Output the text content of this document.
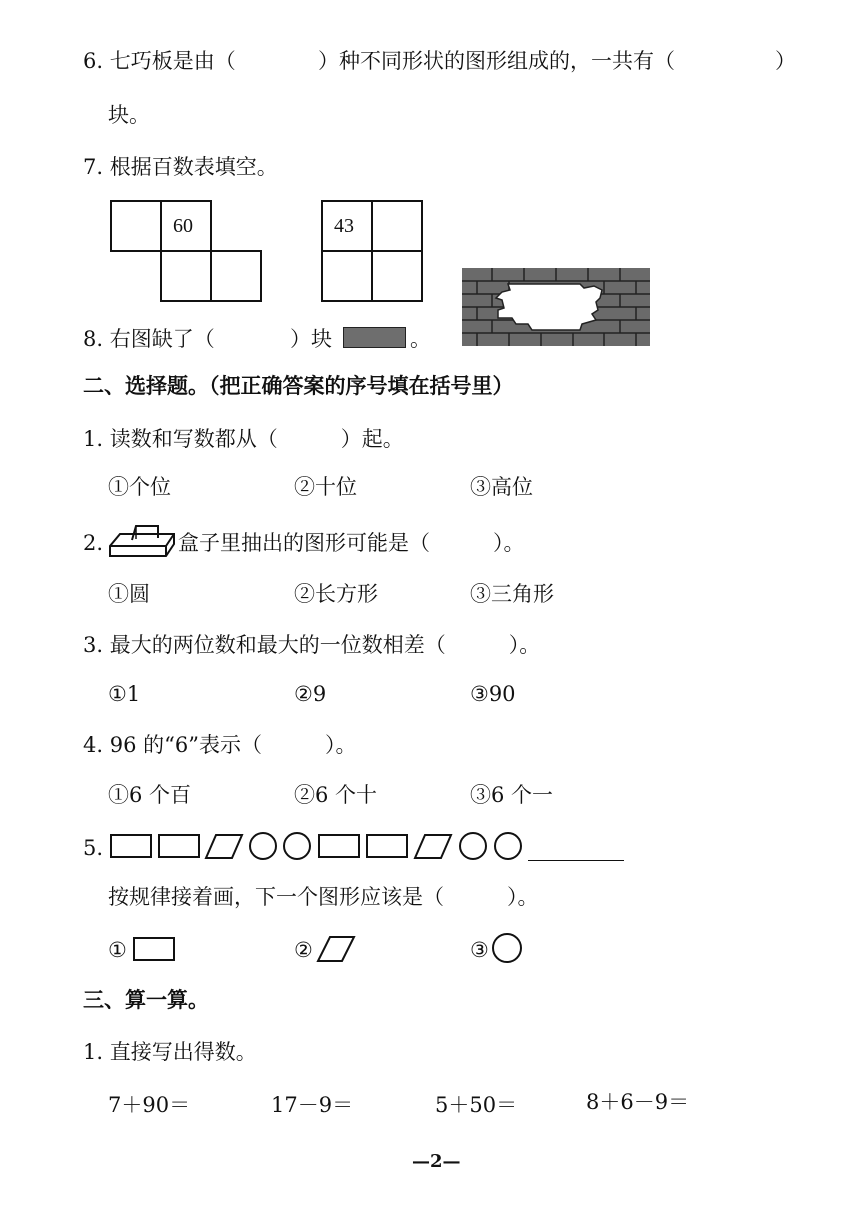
6. 七巧板是由（	）种不同形状的图形组成的，一共有（	）
块。
7. 根据百数表填空。
60	43
8. 右图缺了（	）块	。
二、选择题。（把正确答案的序号填在括号里）
1. 读数和写数都从（　　　）起。
①个位	②十位	③高位
2.	盒子里抽出的图形可能是（　　　）。
①圆	②长方形	③三角形
3. 最大的两位数和最大的一位数相差（　　　）。
①1	②9	③90
4. 96 的“6”表示（　　　）。
①6 个百	②6 个十	③6 个一
5.
按规律接着画，下一个图形应该是（　　　）。
①	②	③
三、算一算。
1. 直接写出得数。
7＋90＝	17－9＝	5＋50＝	8＋6－9＝
—2—
